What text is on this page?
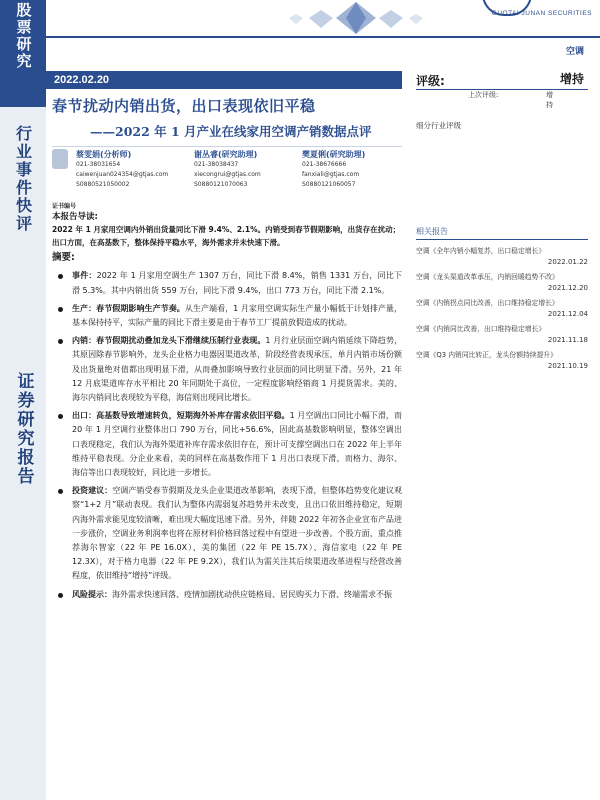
股票研究
行业事件快评
证券研究报告
GUOTAI JUNAN SECURITIES
空调
2022.02.20
春节扰动内销出货，出口表现依旧平稳
——2022 年 1 月产业在线家用空调产销数据点评
蔡雯娟(分析师)
021-38031654
caiwenjuan024354@gtjas.com
S0880521050002
谢丛睿(研究助理)
021-38038437
xiecongrui@gtjas.com
S0880121070063
樊夏俐(研究助理)
021-38676666
fanxiali@gtjas.com
S0880121060057
证书编号
评级:	增持
上次评级:	增持
细分行业评级
相关报告
空调《全年内销小幅复苏，出口稳定增长》
2022.01.22
空调《龙头渠道改革承压，内销回暖趋势不改》
2021.12.20
空调《内销拐点同比改善，出口维持稳定增长》
2021.12.04
空调《内销同比改善，出口维持稳定增长》
2021.11.18
空调《Q3 内销同比转正，龙头份额持续提升》
2021.10.19
本报告导读:
2022 年 1 月家用空调内外销出货量同比下滑 9.4%、2.1%。内销受到春节假期影响，出货存在扰动；出口方面，在高基数下，整体保持平稳水平，海外需求并未快速下滑。
摘要:
事件：2022 年 1 月家用空调生产 1307 万台，同比下滑 8.4%，销售 1331 万台，同比下滑 5.3%。其中内销出货 559 万台，同比下滑 9.4%，出口 773 万台，同比下滑 2.1%。
生产：春节假期影响生产节奏。从生产端看，1 月家用空调实际生产量小幅低于计划排产量，基本保持持平，实际产量的同比下滑主要是由于春节工厂提前放假造成的扰动。
内销：春节假期扰动叠加龙头下滑继续压制行业表现。1 月行业层面空调内销延续下降趋势，其原因除春节影响外，龙头企业格力电器因渠道改革，阶段经营表现承压，单月内销市场份额及出货量绝对值都出现明显下滑，从而叠加影响导致行业层面的同比明显下滑。另外，21 年 12 月底渠道库存水平相比 20 年同期处于高位，一定程度影响经销商 1 月提货需求。美的、海尔内销同比表现较为平稳，海信则出现同比增长。
出口：高基数导致增速转负，短期海外补库存需求依旧平稳。1 月空调出口同比小幅下滑，而 20 年 1 月空调行业整体出口 790 万台，同比+56.6%，因此高基数影响明显，整体空调出口表现稳定，我们认为海外渠道补库存需求依旧存在，预计可支撑空调出口在 2022 年上半年维持平稳表现。分企业来看，美的同样在高基数作用下 1 月出口表现下滑，而格力、海尔、海信等出口表现较好，同比进一步增长。
投资建议：空调产销受春节假期及龙头企业渠道改革影响，表现下滑，但整体趋势变化建议观察“1+2 月”联动表现。我们认为整体内需弱复苏趋势并未改变，且出口依旧维持稳定，短期内海外需求能见度较清晰，难出现大幅度迅速下滑。另外，伴随 2022 年初各企业宣布产品进一步涨价，空调业务利润率也将在原材料价格回落过程中有望进一步改善。个股方面，重点推荐海尔智家（22 年 PE 16.0X）、美的集团（22 年 PE 15.7X）、海信家电（22 年 PE 12.3X），对于格力电器（22 年 PE 9.2X），我们认为需关注其后续渠道改革进程与经营改善程度，依旧维持“增持”评级。
风险提示：海外需求快速回落、疫情加剧扰动供应链格局、居民购买力下滑、终端需求不振
